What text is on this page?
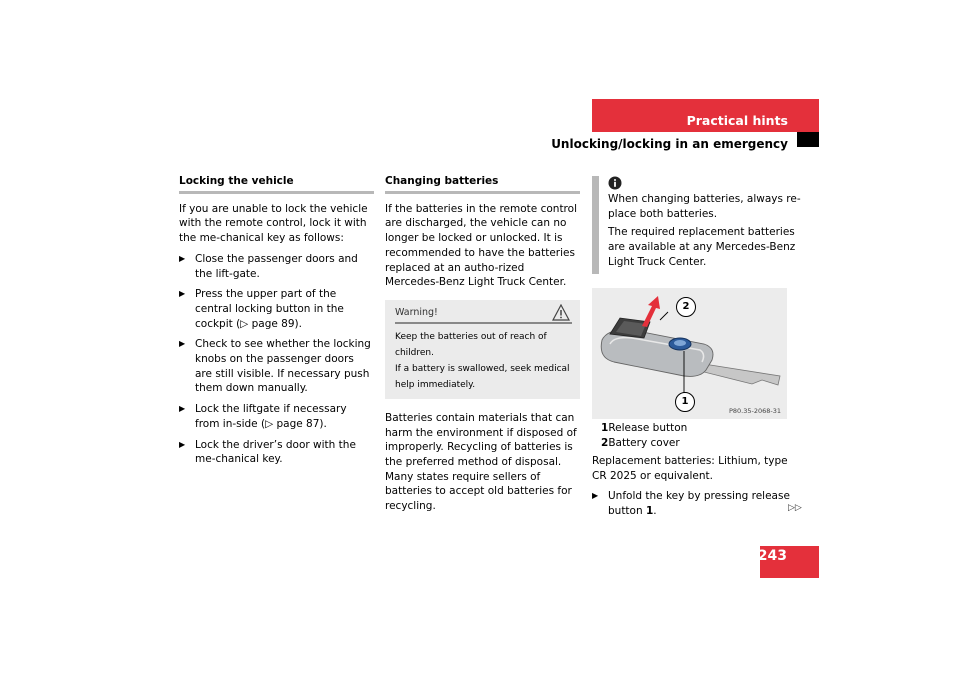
Practical hints
Unlocking/locking in an emergency
Locking the vehicle

If you are unable to lock the vehicle with the remote control, lock it with the me-chanical key as follows:

▶ Close the passenger doors and the lift-gate.

▶ Press the upper part of the central locking button in the cockpit (▷ page 89).

▶ Check to see whether the locking knobs on the passenger doors are still visible. If necessary push them down manually.

▶ Lock the liftgate if necessary from in-side (▷ page 87).

▶ Lock the driver’s door with the me-chanical key.

Changing batteries

If the batteries in the remote control are discharged, the vehicle can no longer be locked or unlocked. It is recommended to have the batteries replaced at an autho-rized Mercedes-Benz Light Truck Center.

Warning!

Keep the batteries out of reach of children.

If a battery is swallowed, seek medical help immediately.

Batteries contain materials that can harm the environment if disposed of improperly. Recycling of batteries is the preferred method of disposal. Many states require sellers of batteries to accept old batteries for recycling.

When changing batteries, always re-place both batteries.

The required replacement batteries are available at any Mercedes-Benz Light Truck Center.

2
1
P80.35-2068-31
1Release button
2Battery cover

Replacement batteries: Lithium, type CR 2025 or equivalent.

▶ Unfold the key by pressing release button 1.	▷▷
243
